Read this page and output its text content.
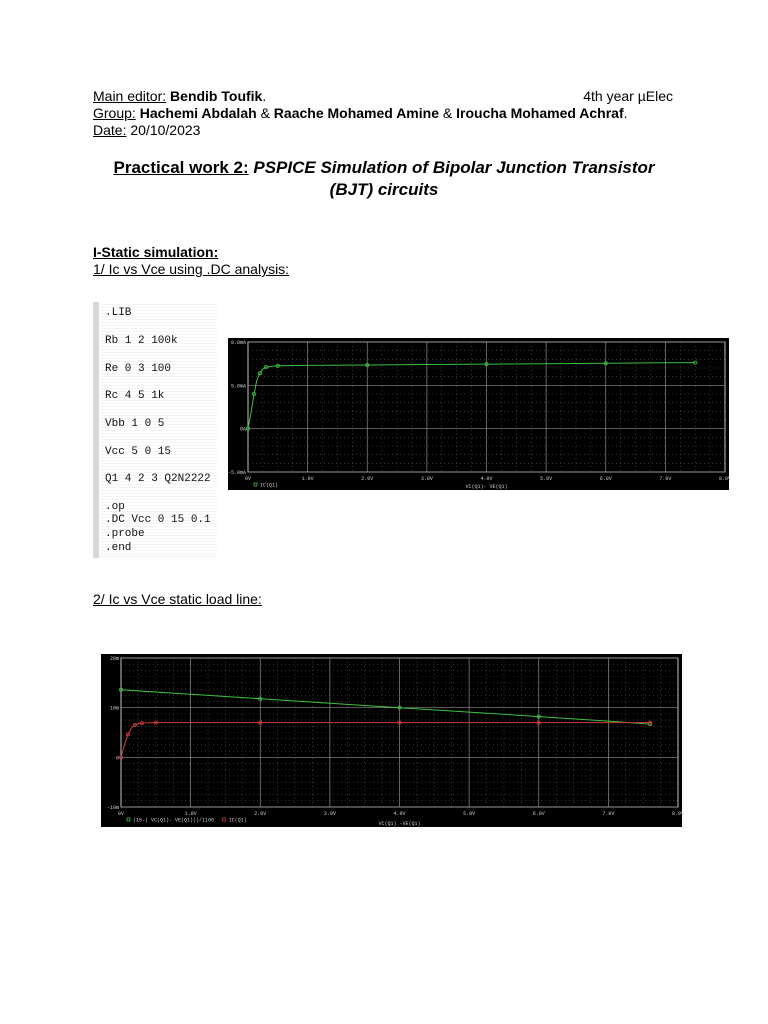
Main editor: Bendib Toufik.	4th year µElec
Group: Hachemi Abdalah & Raache Mohamed Amine & Iroucha Mohamed Achraf.
Date: 20/10/2023
Practical work 2: PSPICE Simulation of Bipolar Junction Transistor
(BJT) circuits
I-Static simulation:
1/ Ic vs Vce using .DC analysis:
.LIB
Rb 1 2 100k
Re 0 3 100
Rc 4 5 1k
Vbb 1 0 5
Vcc 5 0 15
Q1 4 2 3 Q2N2222
.op
.DC Vcc 0 15 0.1
.probe
.end
0V	1.0V	2.0V	3.0V	4.0V	5.0V	6.0V	7.0V	8.0V
-5.0mA
0A
5.0mA
8.0mA
IC(Q1)	VC(Q1)- VE(Q1)
2/ Ic vs Vce static load line:
0V	1.0V	2.0V	3.0V	4.0V	5.0V	6.0V	7.0V	8.0V
-10m
0
10m
20m
(15-( VC(Q1)- VE(Q1)))/1100	IC(Q1)
VC(Q1) -VE(Q1)
